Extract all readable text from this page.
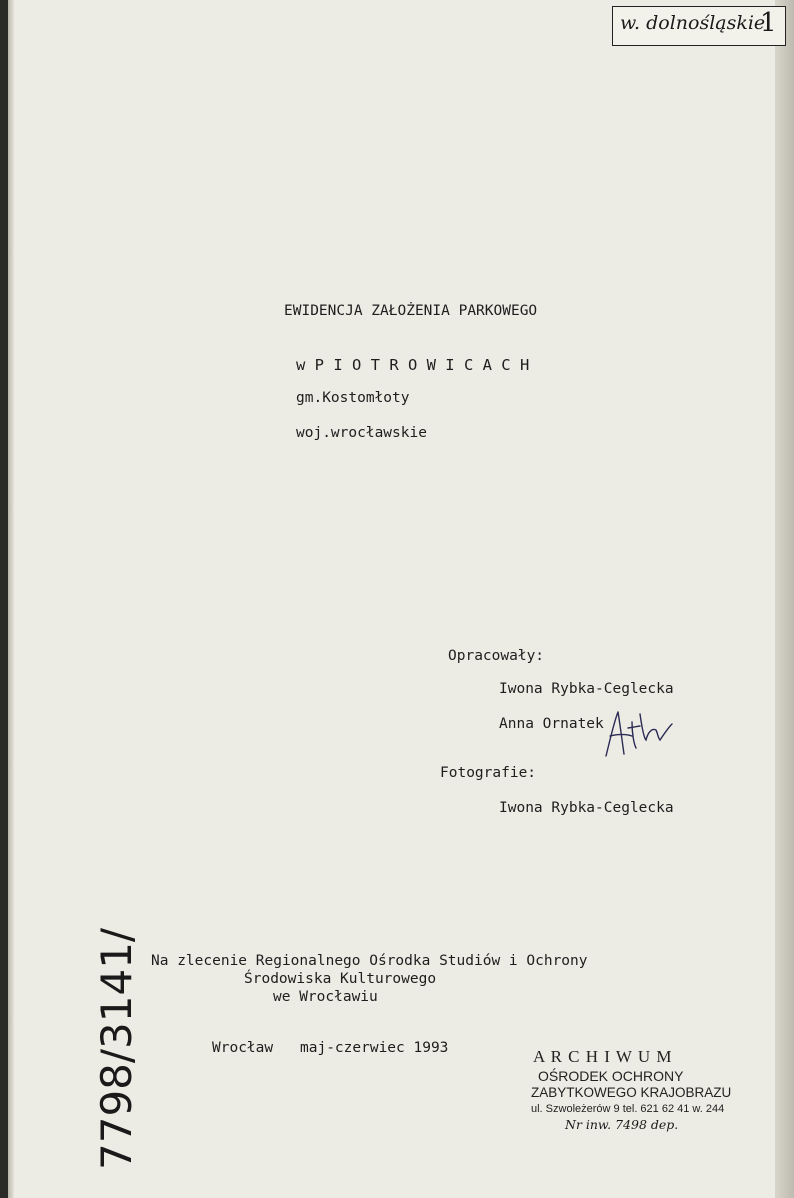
w. dolnośląskie
1
EWIDENCJA ZAŁOŻENIA PARKOWEGO
w P I O T R O W I C A C H
gm.Kostomłoty
woj.wrocławskie
Opracowały:
Iwona Rybka-Ceglecka
Anna Ornatek
Fotografie:
Iwona Rybka-Ceglecka
Na zlecenie Regionalnego Ośrodka Studiów i Ochrony
Środowiska Kulturowego
we Wrocławiu
Wrocław maj-czerwiec 1993
7798/3141/	A R C H I W U M
OŚRODEK OCHRONY
ZABYTKOWEGO KRAJOBRAZU
ul. Szwoleżerów 9 tel. 621 62 41 w. 244
Nr inw. 7498 dep.
